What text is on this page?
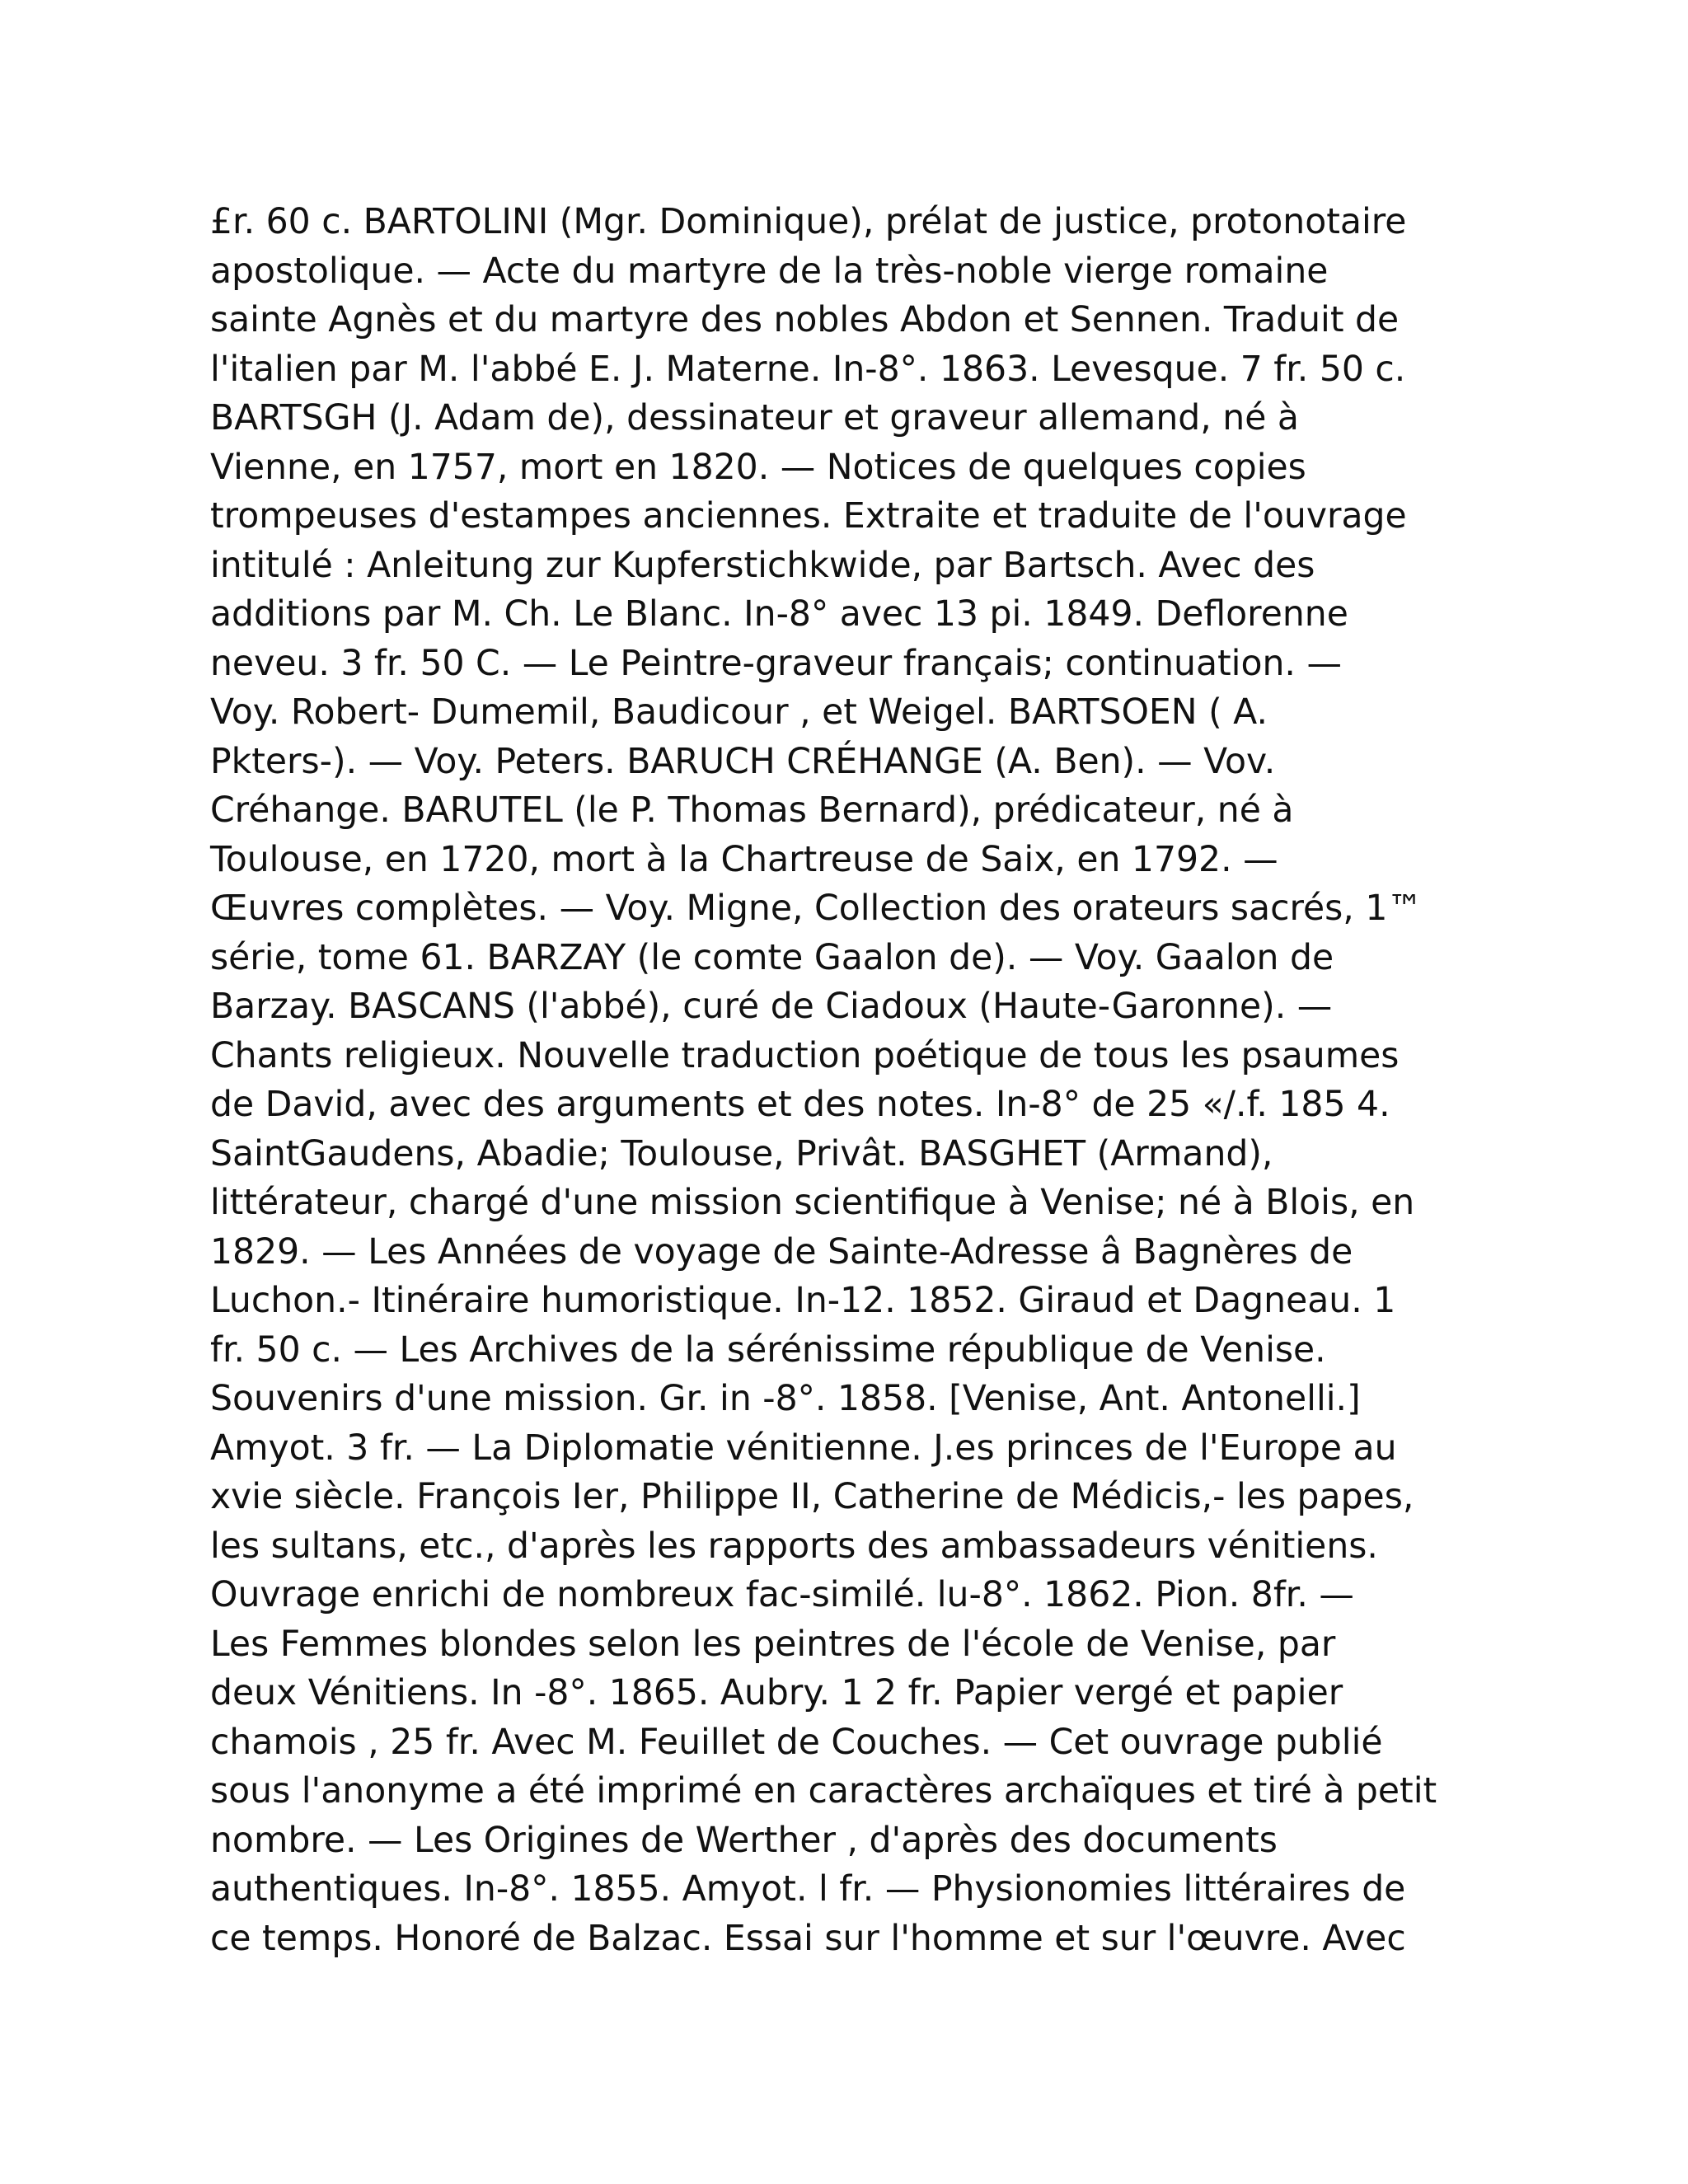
£r. 60 c. BARTOLINI (Mgr. Dominique), prélat de justice, protonotaire
apostolique. — Acte du martyre de la très-noble vierge romaine
sainte Agnès et du martyre des nobles Abdon et Sennen. Traduit de
l'italien par M. l'abbé E. J. Materne. In-8°. 1863. Levesque. 7 fr. 50 c.
BARTSGH (J. Adam de), dessinateur et graveur allemand, né à
Vienne, en 1757, mort en 1820. — Notices de quelques copies
trompeuses d'estampes anciennes. Extraite et traduite de l'ouvrage
intitulé : Anleitung zur Kupferstichkwide, par Bartsch. Avec des
additions par M. Ch. Le Blanc. In-8° avec 13 pi. 1849. Deflorenne
neveu. 3 fr. 50 C. — Le Peintre-graveur français; continuation. —
Voy. Robert- Dumemil, Baudicour , et Weigel. BARTSOEN ( A.
Pkters-). — Voy. Peters. BARUCH CRÉHANGE (A. Ben). — Vov.
Créhange. BARUTEL (le P. Thomas Bernard), prédicateur, né à
Toulouse, en 1720, mort à la Chartreuse de Saix, en 1792. —
Œuvres complètes. — Voy. Migne, Collection des orateurs sacrés, 1™
série, tome 61. BARZAY (le comte Gaalon de). — Voy. Gaalon de
Barzay. BASCANS (l'abbé), curé de Ciadoux (Haute-Garonne). —
Chants religieux. Nouvelle traduction poétique de tous les psaumes
de David, avec des arguments et des notes. In-8° de 25 «/.f. 185 4.
SaintGaudens, Abadie; Toulouse, Privât. BASGHET (Armand),
littérateur, chargé d'une mission scientifique à Venise; né à Blois, en
1829. — Les Années de voyage de Sainte-Adresse â Bagnères de
Luchon.- Itinéraire humoristique. In-12. 1852. Giraud et Dagneau. 1
fr. 50 c. — Les Archives de la sérénissime république de Venise.
Souvenirs d'une mission. Gr. in -8°. 1858. [Venise, Ant. Antonelli.]
Amyot. 3 fr. — La Diplomatie vénitienne. J.es princes de l'Europe au
xvie siècle. François Ier, Philippe II, Catherine de Médicis,- les papes,
les sultans, etc., d'après les rapports des ambassadeurs vénitiens.
Ouvrage enrichi de nombreux fac-similé. lu-8°. 1862. Pion. 8fr. —
Les Femmes blondes selon les peintres de l'école de Venise, par
deux Vénitiens. In -8°. 1865. Aubry. 1 2 fr. Papier vergé et papier
chamois , 25 fr. Avec M. Feuillet de Couches. — Cet ouvrage publié
sous l'anonyme a été imprimé en caractères archaïques et tiré à petit
nombre. — Les Origines de Werther , d'après des documents
authentiques. In-8°. 1855. Amyot. l fr. — Physionomies littéraires de
ce temps. Honoré de Balzac. Essai sur l'homme et sur l'œuvre. Avec
